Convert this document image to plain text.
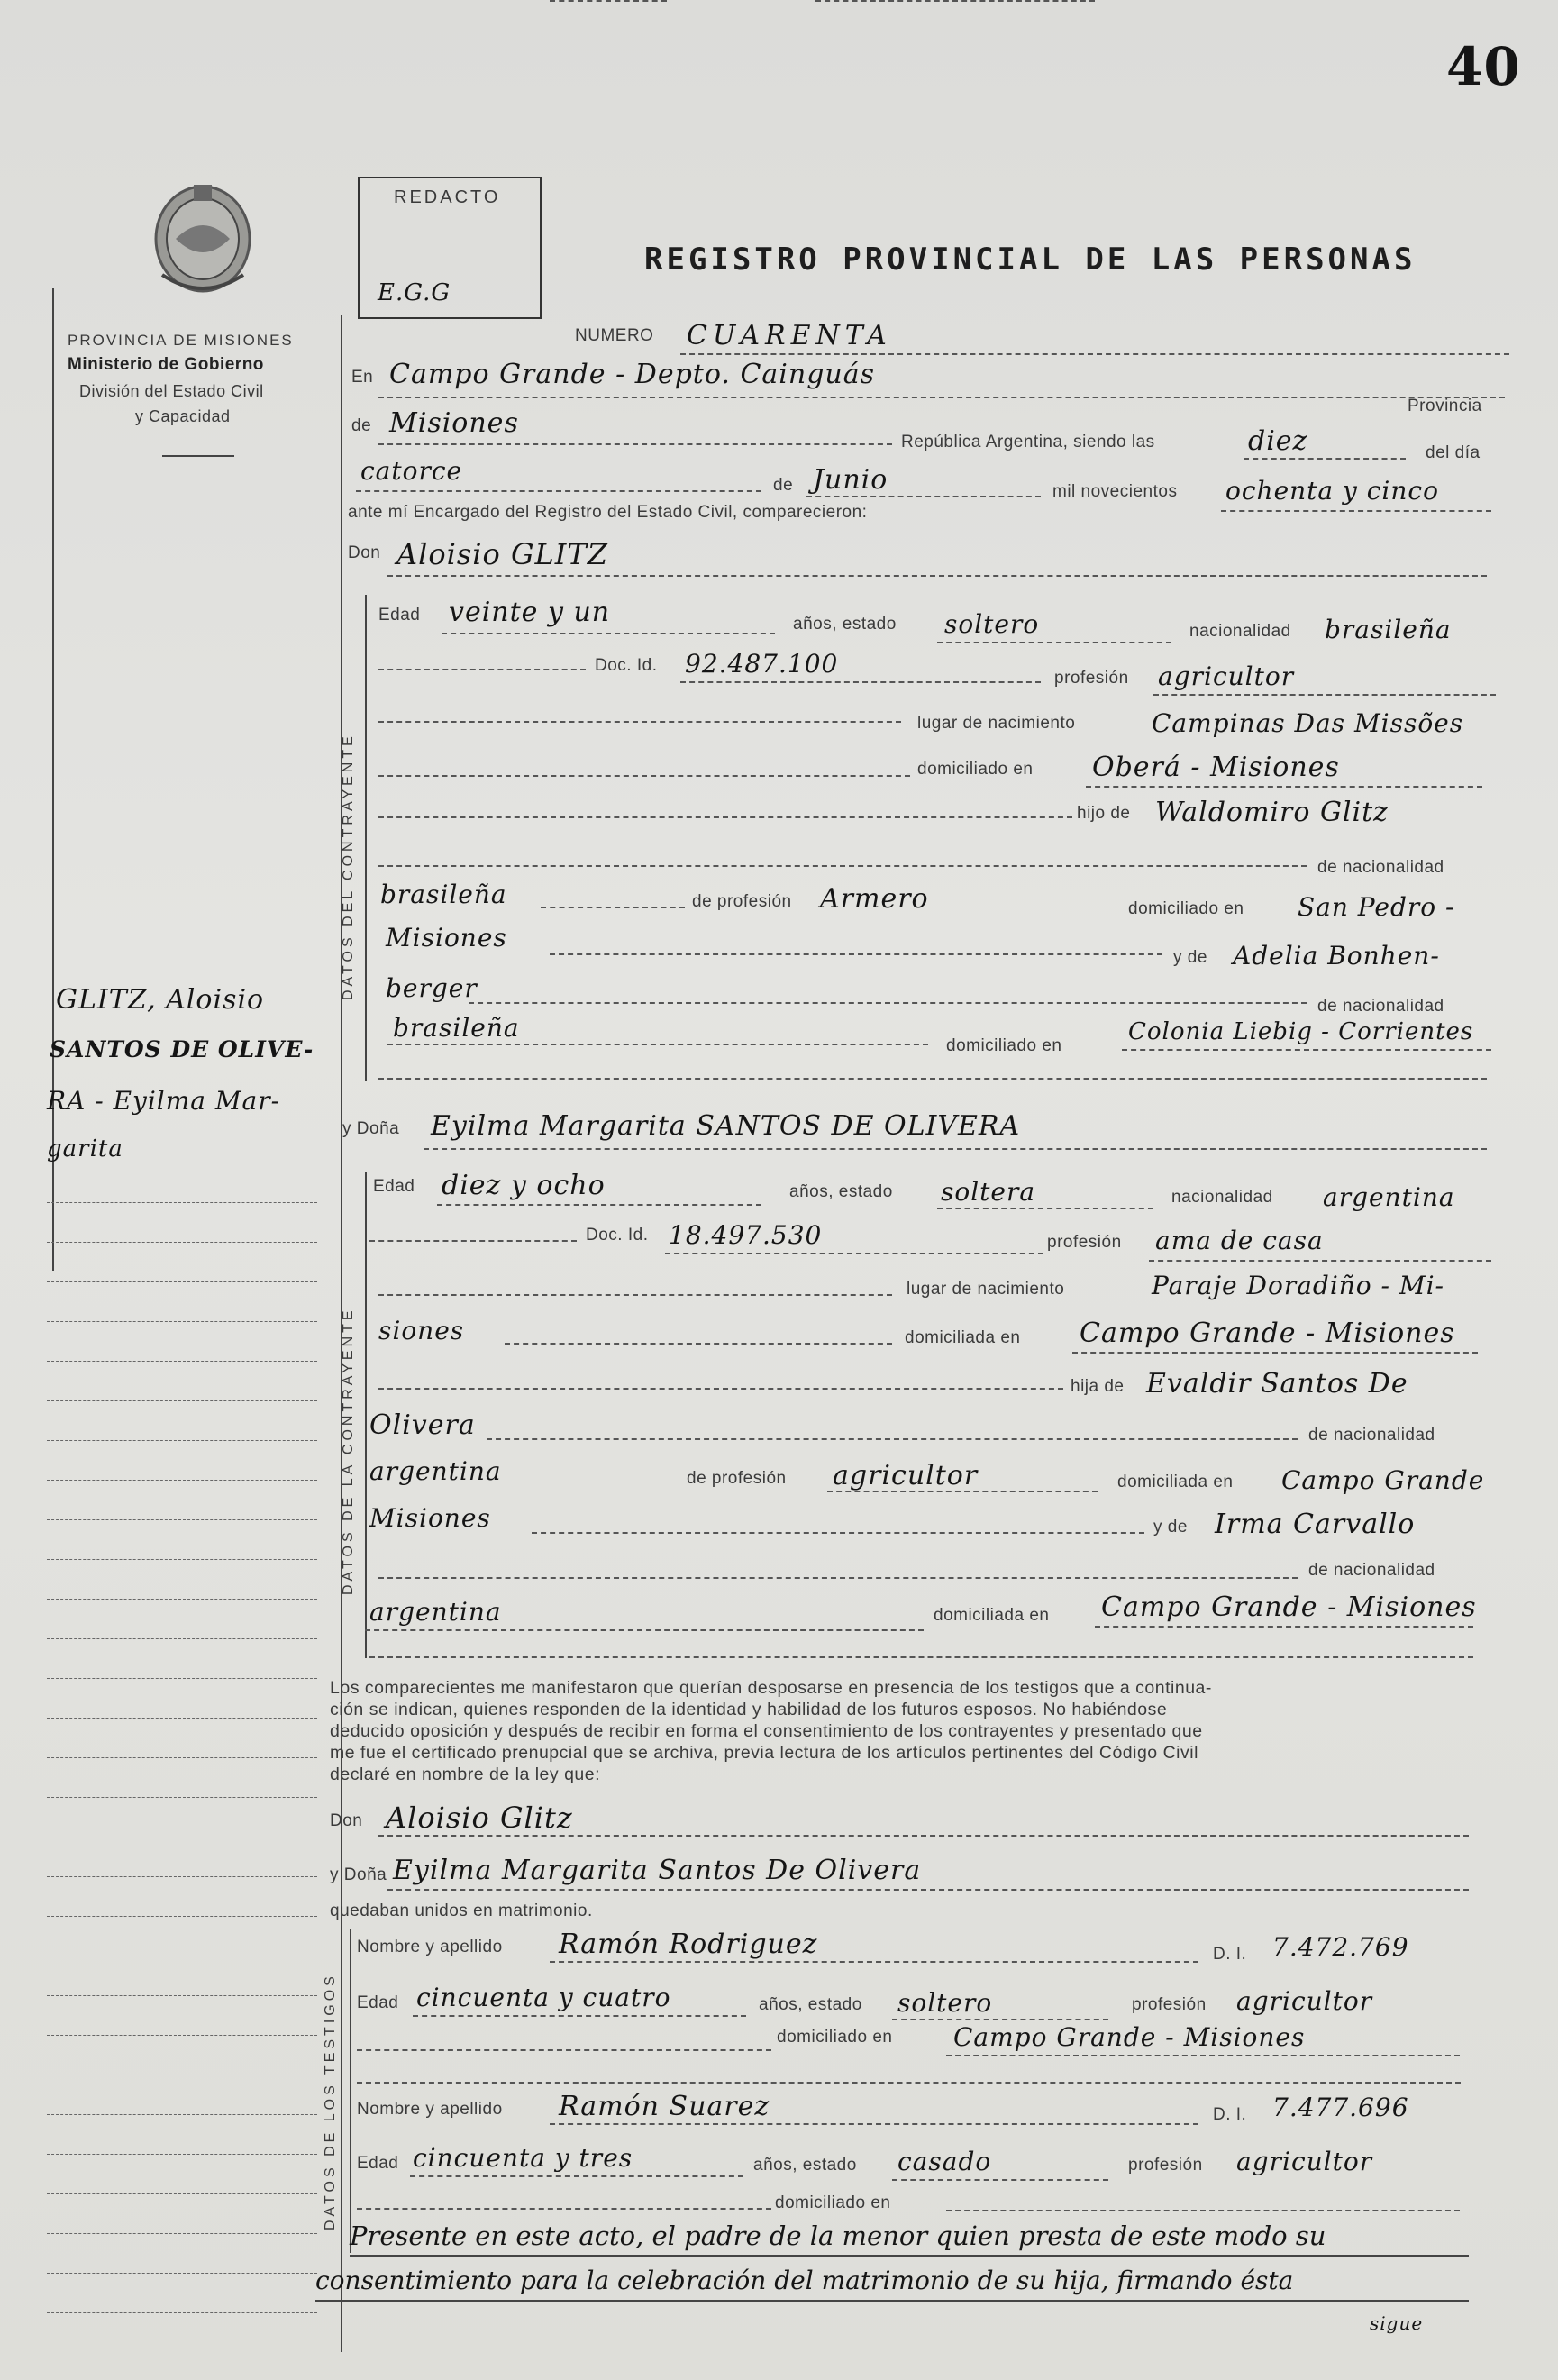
40
PROVINCIA DE MISIONES
Ministerio de Gobierno
División del Estado Civil
y Capacidad
REDACTO
E.G.G
REGISTRO PROVINCIAL DE LAS PERSONAS
NUMERO CUARENTA
En Campo Grande - Depto. Cainguás
Provincia
de Misiones
República Argentina, siendo las	diez	del día
catorce	de Junio	mil novecientos ochenta y cinco
ante mí Encargado del Registro del Estado Civil, comparecieron:
Don Aloisio GLITZ
DATOS DEL CONTRAYENTE
Edad veinte y un	años, estado soltero	nacionalidad brasileña
Doc. Id. 92.487.100	profesión agricultor
lugar de nacimiento	Campinas Das Missões
domiciliado en Oberá - Misiones
hijo de Waldomiro Glitz
de nacionalidad
brasileña	de profesión Armero	domiciliado en San Pedro -
Misiones
y de Adelia Bonhen-
berger
de nacionalidad
brasileña
domiciliado en
Colonia Liebig - Corrientes
GLITZ, Aloisio
SANTOS DE OLIVE-
RA - Eyilma Mar-
garita
y Doña Eyilma Margarita SANTOS DE OLIVERA
DATOS DE LA CONTRAYENTE
Edad diez y ocho	años, estado soltera	nacionalidad argentina
Doc. Id. 18.497.530	profesión ama de casa
lugar de nacimiento	Paraje Doradiño - Mi-
siones	domiciliada en Campo Grande - Misiones
hija de Evaldir Santos De
Olivera	de nacionalidad
argentina	de profesión agricultor	domiciliada en Campo Grande
Misiones	y de Irma Carvallo
de nacionalidad
argentina	domiciliada en Campo Grande - Misiones
Los comparecientes me manifestaron que querían desposarse en presencia de los testigos que a continua-
ción se indican, quienes responden de la identidad y habilidad de los futuros esposos. No habiéndose
deducido oposición y después de recibir en forma el consentimiento de los contrayentes y presentado que
me fue el certificado prenupcial que se archiva, previa lectura de los artículos pertinentes del Código Civil
declaré en nombre de la ley que:
Don Aloisio Glitz
y Doña Eyilma Margarita Santos De Olivera
quedaban unidos en matrimonio.
DATOS DE LOS TESTIGOS
Nombre y apellido Ramón Rodriguez	D. I. 7.472.769
Edad cincuenta y cuatro	años, estado soltero	profesión agricultor
domiciliado en Campo Grande - Misiones
Nombre y apellido Ramón Suarez	D. I. 7.477.696
Edad cincuenta y tres	años, estado casado	profesión agricultor
domiciliado en
Presente en este acto, el padre de la menor quien presta de este modo su
consentimiento para la celebración del matrimonio de su hija, firmando ésta
sigue
